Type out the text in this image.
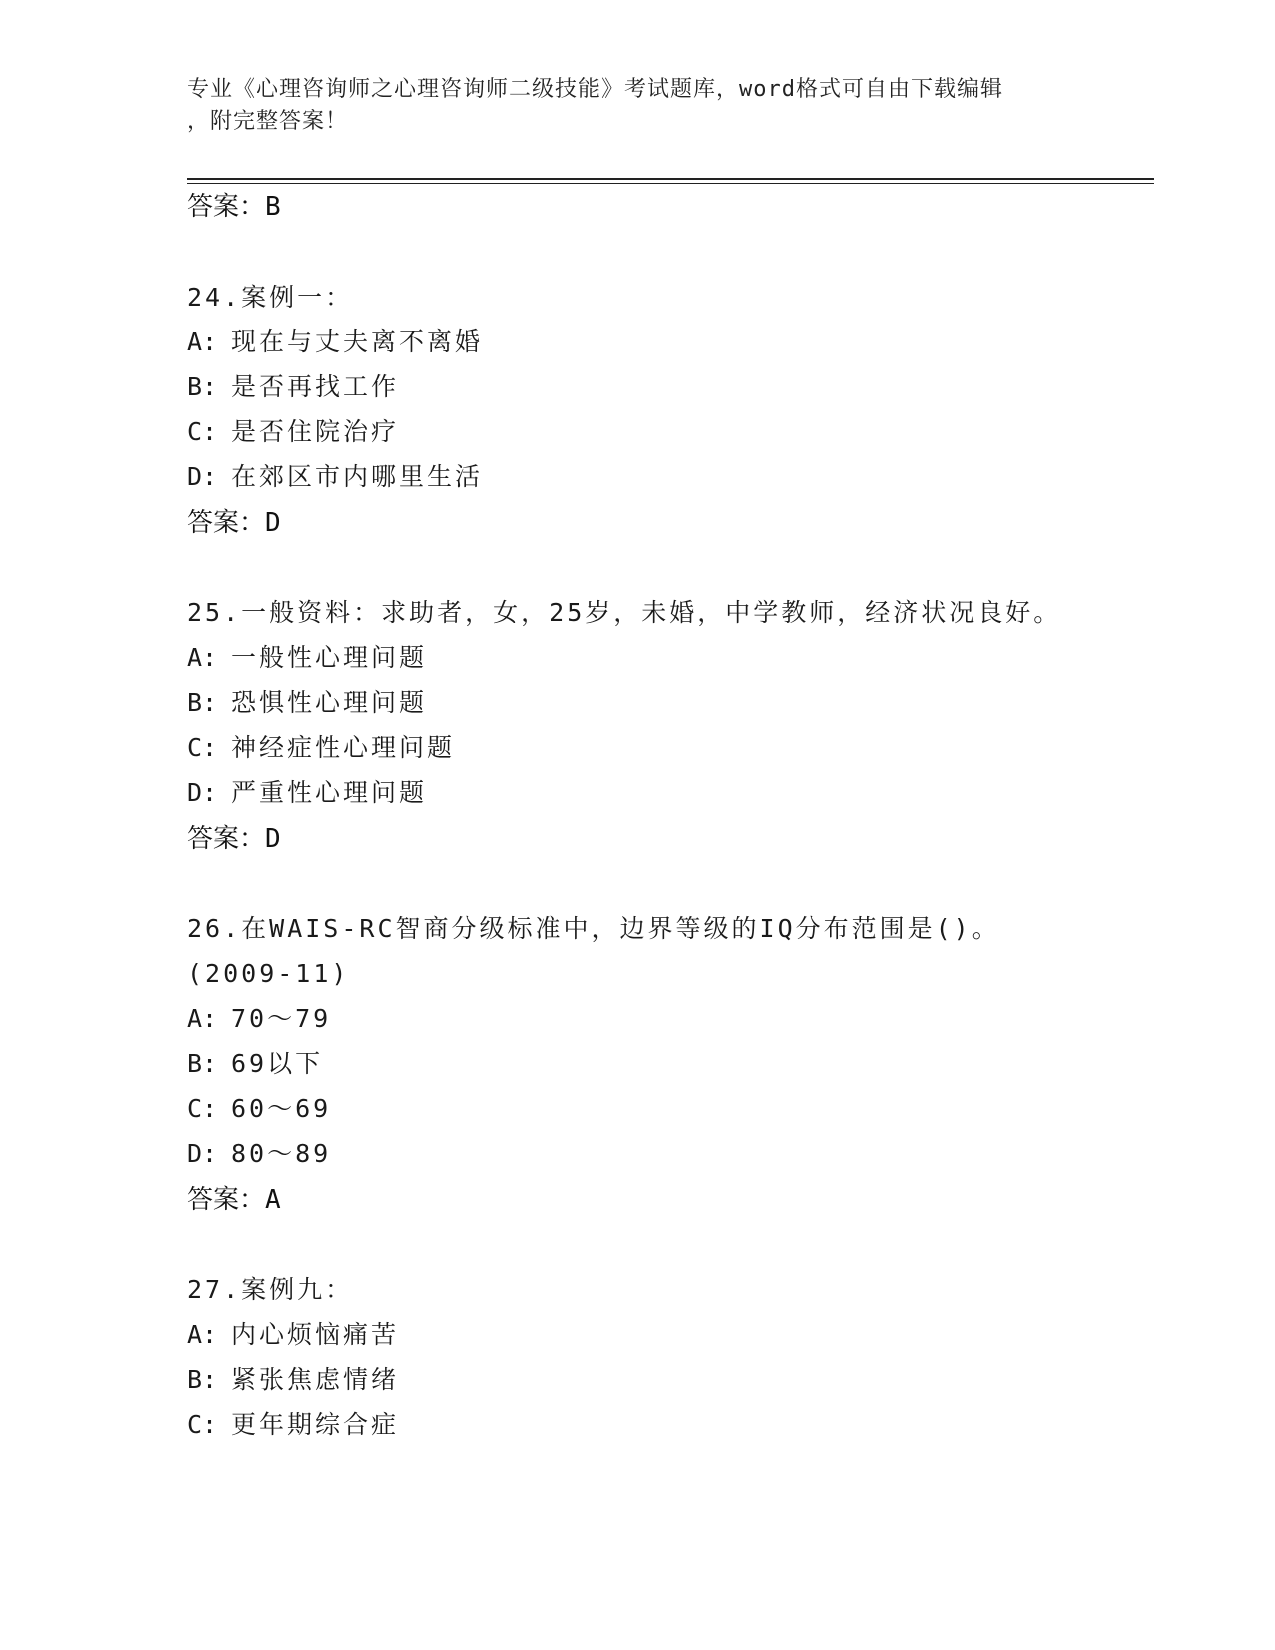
专业《心理咨询师之心理咨询师二级技能》考试题库，word格式可自由下载编辑
，附完整答案！
答案：B
24.案例一：
A: 现在与丈夫离不离婚
B: 是否再找工作
C: 是否住院治疗
D: 在郊区市内哪里生活
答案：D
25.一般资料：求助者，女，25岁，未婚，中学教师，经济状况良好。
A: 一般性心理问题
B: 恐惧性心理问题
C: 神经症性心理问题
D: 严重性心理问题
答案：D
26.在WAIS-RC智商分级标准中，边界等级的IQ分布范围是()。
(2009-11)
A: 70～79
B: 69以下
C: 60～69
D: 80～89
答案：A
27.案例九：
A: 内心烦恼痛苦
B: 紧张焦虑情绪
C: 更年期综合症
